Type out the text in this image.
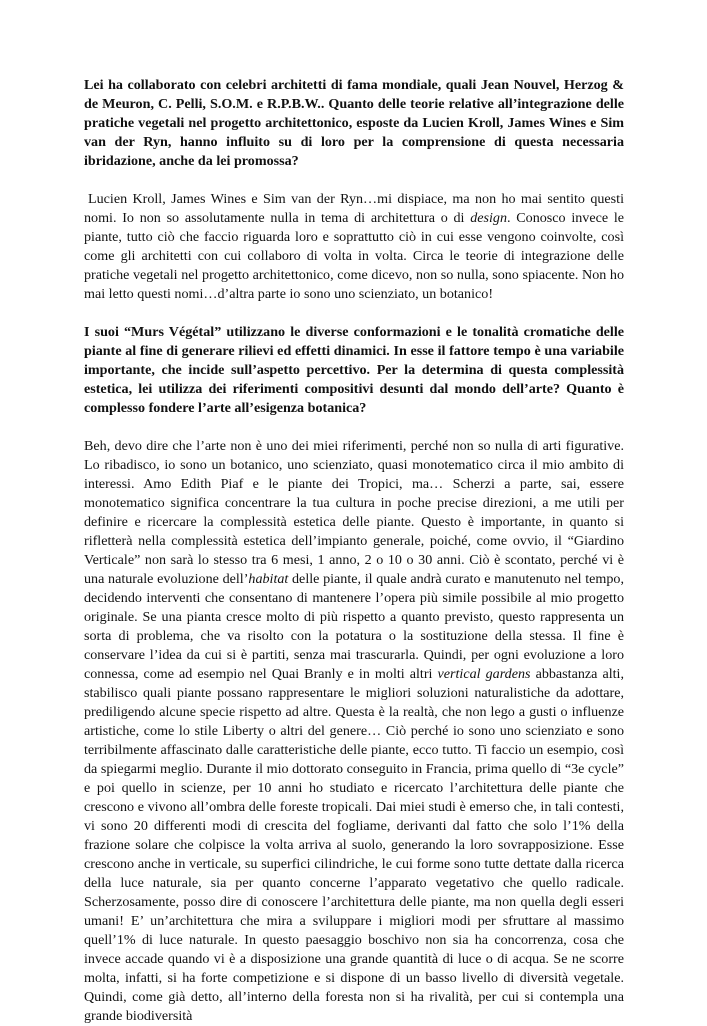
Lei ha collaborato con celebri architetti di fama mondiale, quali Jean Nouvel, Herzog & de Meuron, C. Pelli, S.O.M. e R.P.B.W.. Quanto delle teorie relative all’integrazione delle pratiche vegetali nel progetto architettonico, esposte da Lucien Kroll, James Wines e Sim van der Ryn, hanno influito su di loro per la comprensione di questa necessaria ibridazione, anche da lei promossa?

Lucien Kroll, James Wines e Sim van der Ryn…mi dispiace, ma non ho mai sentito questi nomi. Io non so assolutamente nulla in tema di architettura o di design. Conosco invece le piante, tutto ciò che faccio riguarda loro e soprattutto ciò in cui esse vengono coinvolte, così come gli architetti con cui collaboro di volta in volta. Circa le teorie di integrazione delle pratiche vegetali nel progetto architettonico, come dicevo, non so nulla, sono spiacente. Non ho mai letto questi nomi…d’altra parte io sono uno scienziato, un botanico!

I suoi “Murs Végétal” utilizzano le diverse conformazioni e le tonalità cromatiche delle piante al fine di generare rilievi ed effetti dinamici. In esse il fattore tempo è una variabile importante, che incide sull’aspetto percettivo. Per la determina di questa complessità estetica, lei utilizza dei riferimenti compositivi desunti dal mondo dell’arte? Quanto è complesso fondere l’arte all’esigenza botanica?

Beh, devo dire che l’arte non è uno dei miei riferimenti, perché non so nulla di arti figurative. Lo ribadisco, io sono un botanico, uno scienziato, quasi monotematico circa il mio ambito di interessi. Amo Edith Piaf e le piante dei Tropici, ma… Scherzi a parte, sai, essere monotematico significa concentrare la tua cultura in poche precise direzioni, a me utili per definire e ricercare la complessità estetica delle piante. Questo è importante, in quanto si rifletterà nella complessità estetica dell’impianto generale, poiché, come ovvio, il “Giardino Verticale” non sarà lo stesso tra 6 mesi, 1 anno, 2 o 10 o 30 anni. Ciò è scontato, perché vi è una naturale evoluzione dell’habitat delle piante, il quale andrà curato e manutenuto nel tempo, decidendo interventi che consentano di mantenere l’opera più simile possibile al mio progetto originale. Se una pianta cresce molto di più rispetto a quanto previsto, questo rappresenta un sorta di problema, che va risolto con la potatura o la sostituzione della stessa. Il fine è conservare l’idea da cui si è partiti, senza mai trascurarla. Quindi, per ogni evoluzione a loro connessa, come ad esempio nel Quai Branly e in molti altri vertical gardens abbastanza alti, stabilisco quali piante possano rappresentare le migliori soluzioni naturalistiche da adottare, prediligendo alcune specie rispetto ad altre. Questa è la realtà, che non lego a gusti o influenze artistiche, come lo stile Liberty o altri del genere… Ciò perché io sono uno scienziato e sono terribilmente affascinato dalle caratteristiche delle piante, ecco tutto. Ti faccio un esempio, così da spiegarmi meglio. Durante il mio dottorato conseguito in Francia, prima quello di “3e cycle” e poi quello in scienze, per 10 anni ho studiato e ricercato l’architettura delle piante che crescono e vivono all’ombra delle foreste tropicali. Dai miei studi è emerso che, in tali contesti, vi sono 20 differenti modi di crescita del fogliame, derivanti dal fatto che solo l’1% della frazione solare che colpisce la volta arriva al suolo, generando la loro sovrapposizione. Esse crescono anche in verticale, su superfici cilindriche, le cui forme sono tutte dettate dalla ricerca della luce naturale, sia per quanto concerne l’apparato vegetativo che quello radicale. Scherzosamente, posso dire di conoscere l’architettura delle piante, ma non quella degli esseri umani! E’ un’architettura che mira a sviluppare i migliori modi per sfruttare al massimo quell’1% di luce naturale. In questo paesaggio boschivo non sia ha concorrenza, cosa che invece accade quando vi è a disposizione una grande quantità di luce o di acqua. Se ne scorre molta, infatti, si ha forte competizione e si dispone di un basso livello di diversità vegetale. Quindi, come già detto, all’interno della foresta non si ha rivalità, per cui si contempla una grande biodiversità
